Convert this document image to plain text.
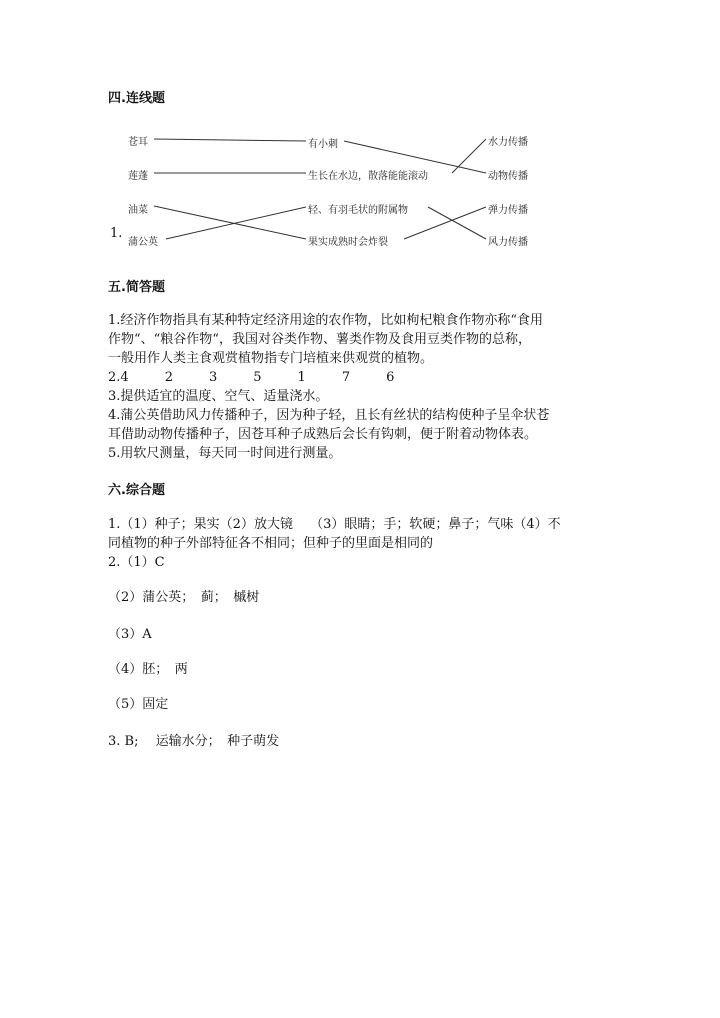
四.连线题
苍耳
莲蓬
油菜
蒲公英
有小刺
生长在水边，散落能能滚动
轻、有羽毛状的附属物
果实成熟时会炸裂
水力传播
动物传播
弹力传播
风力传播
1.
五.简答题
1.经济作物指具有某种特定经济用途的农作物，比如枸杞粮食作物亦称“食用
作物“、“粮谷作物“，我国对谷类作物、薯类作物及食用豆类作物的总称，
一般用作人类主食观赏植物指专门培植来供观赏的植物。
2.4	2	3	5	1	7	6
3.提供适宜的温度、空气、适量浇水。
4.蒲公英借助风力传播种子，因为种子轻，且长有丝状的结构使种子呈伞状苍
耳借助动物传播种子，因苍耳种子成熟后会长有钩刺，便于附着动物体表。
5.用软尺测量，每天同一时间进行测量。
六.综合题
1.（1）种子；果实（2）放大镜　 （3）眼睛；手；软硬；鼻子；气味（4）不
同植物的种子外部特征各不相同；但种子的里面是相同的
2.（1）C
（2）蒲公英；　蓟；　槭树
（3）A
（4）胚；　两
（5）固定
3. B;　 运输水分；　种子萌发
